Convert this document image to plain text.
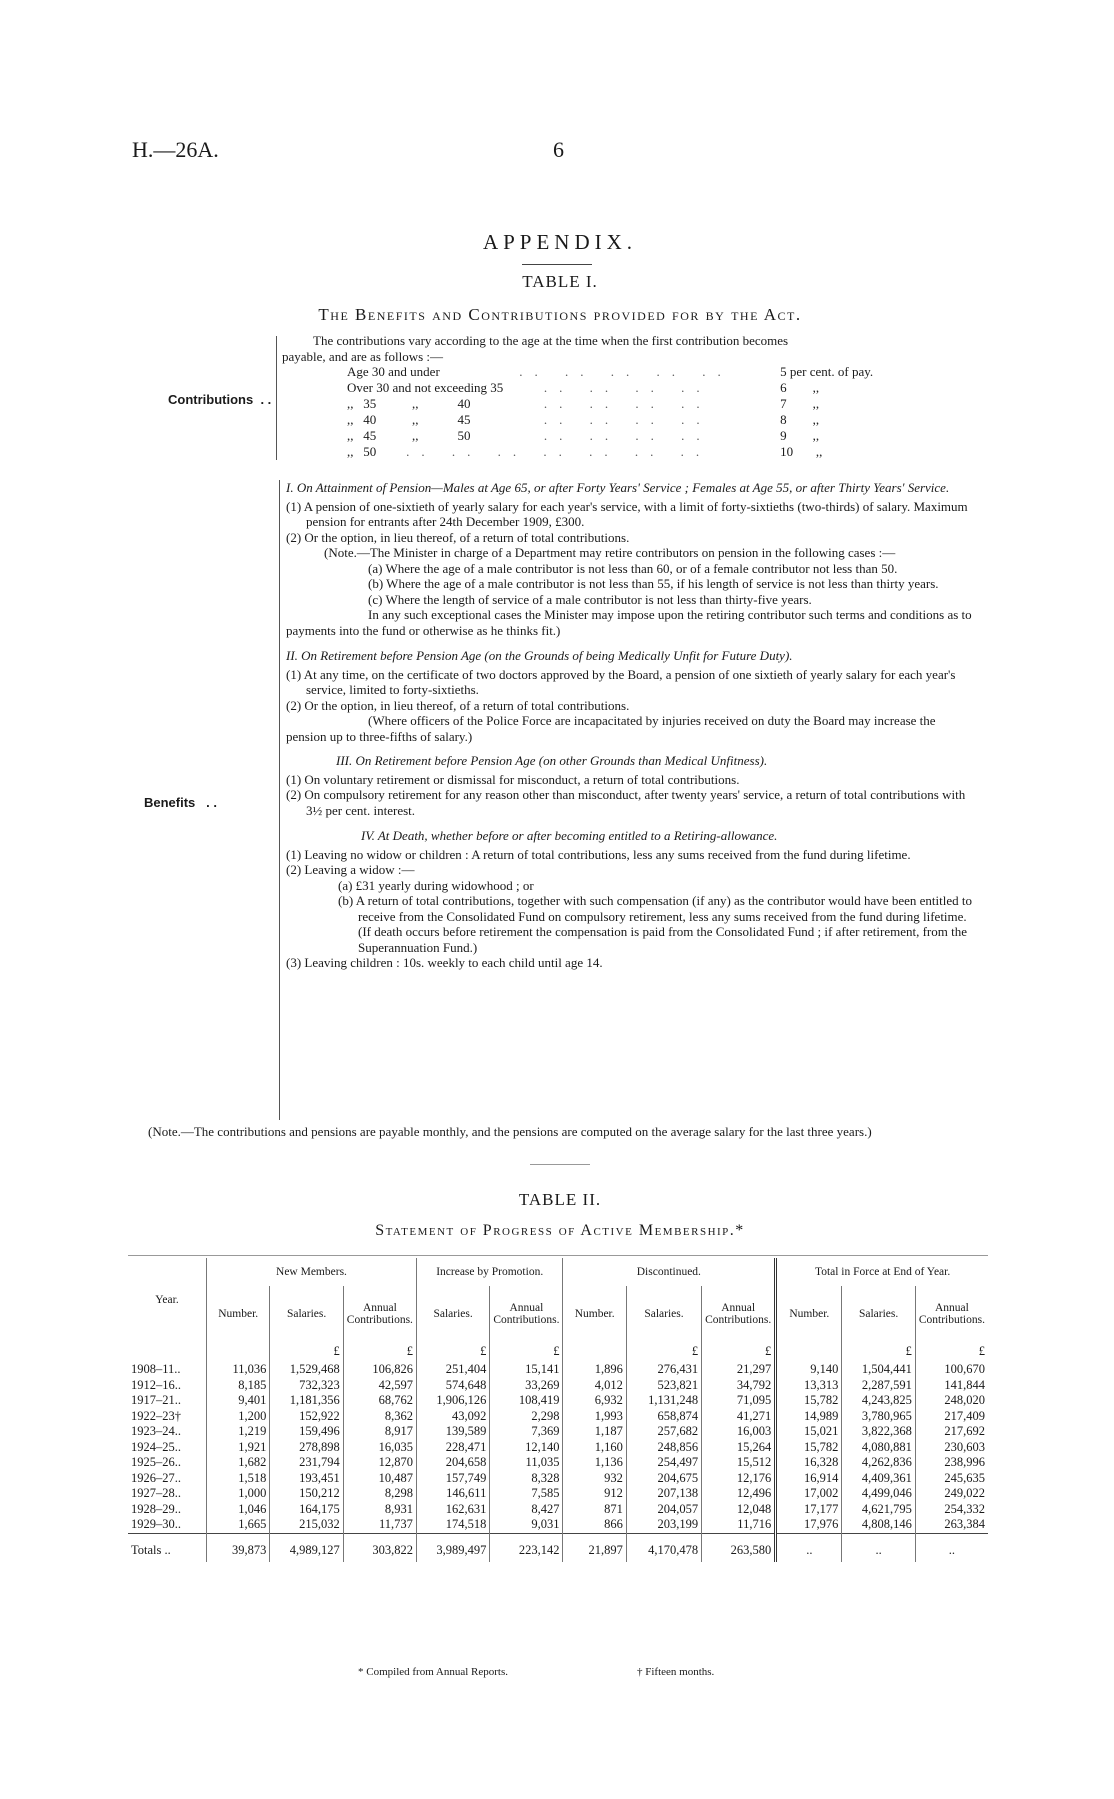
H.—26A.	6
APPENDIX.
TABLE I.
The Benefits and Contributions provided for by the Act.
Contributions  . .
The contributions vary according to the age at the time when the first contribution becomes
payable, and are as follows :—
Age 30 and under	.. .. .. .. ..	5 per cent. of pay.
Over 30 and not exceeding 35	.. .. .. ..	6        ,,
,,   35           ,,            40	.. .. .. ..	7        ,,
,,   40           ,,            45	.. .. .. ..	8        ,,
,,   45           ,,            50	.. .. .. ..	9        ,,
,,   50	.. .. .. .. .. .. ..	10       ,,
Benefits   . .
I. On Attainment of Pension—Males at Age 65, or after Forty Years' Service ; Females at Age 55, or after Thirty Years' Service.
(1) A pension of one-sixtieth of yearly salary for each year's service, with a limit of forty-sixtieths (two-thirds) of salary. Maximum pension for entrants after 24th December 1909, £300.
(2) Or the option, in lieu thereof, of a return of total contributions.
(Note.—The Minister in charge of a Department may retire contributors on pension in the following cases :—
(a) Where the age of a male contributor is not less than 60, or of a female contributor not less than 50.
(b) Where the age of a male contributor is not less than 55, if his length of service is not less than thirty years.
(c) Where the length of service of a male contributor is not less than thirty-five years.
In any such exceptional cases the Minister may impose upon the retiring contributor such terms and conditions as to payments into the fund or otherwise as he thinks fit.)
II. On Retirement before Pension Age (on the Grounds of being Medically Unfit for Future Duty).
(1) At any time, on the certificate of two doctors approved by the Board, a pension of one sixtieth of yearly salary for each year's service, limited to forty-sixtieths.
(2) Or the option, in lieu thereof, of a return of total contributions.
(Where officers of the Police Force are incapacitated by injuries received on duty the Board may increase the pension up to three-fifths of salary.)
III. On Retirement before Pension Age (on other Grounds than Medical Unfitness).
(1) On voluntary retirement or dismissal for misconduct, a return of total contributions.
(2) On compulsory retirement for any reason other than misconduct, after twenty years' service, a return of total contributions with 3½ per cent. interest.
IV. At Death, whether before or after becoming entitled to a Retiring-allowance.
(1) Leaving no widow or children : A return of total contributions, less any sums received from the fund during lifetime.
(2) Leaving a widow :—
(a) £31 yearly during widowhood ; or
(b) A return of total contributions, together with such compensation (if any) as the contributor would have been entitled to receive from the Consolidated Fund on compulsory retirement, less any sums received from the fund during lifetime. (If death occurs before retirement the compensation is paid from the Consolidated Fund ; if after retirement, from the Superannuation Fund.)
(3) Leaving children : 10s. weekly to each child until age 14.
(Note.—The contributions and pensions are payable monthly, and the pensions are computed on the average salary for the last three years.)
TABLE II.
Statement of Progress of Active Membership.*
Year.	New Members.			Increase by Promotion.		Discontinued.			Total in Force at End of Year.		
	Number.	Salaries.	Annual Contributions.	Salaries.	Annual Contributions.	Number.	Salaries.	Annual Contributions.	Number.	Salaries.	Annual Contributions.
		£	£	£	£		£	£		£	£
1908–11..	11,036	1,529,468	106,826	251,404	15,141	1,896	276,431	21,297	9,140	1,504,441	100,670
1912–16..	8,185	732,323	42,597	574,648	33,269	4,012	523,821	34,792	13,313	2,287,591	141,844
1917–21..	9,401	1,181,356	68,762	1,906,126	108,419	6,932	1,131,248	71,095	15,782	4,243,825	248,020
1922–23†	1,200	152,922	8,362	43,092	2,298	1,993	658,874	41,271	14,989	3,780,965	217,409
1923–24..	1,219	159,496	8,917	139,589	7,369	1,187	257,682	16,003	15,021	3,822,368	217,692
1924–25..	1,921	278,898	16,035	228,471	12,140	1,160	248,856	15,264	15,782	4,080,881	230,603
1925–26..	1,682	231,794	12,870	204,658	11,035	1,136	254,497	15,512	16,328	4,262,836	238,996
1926–27..	1,518	193,451	10,487	157,749	8,328	932	204,675	12,176	16,914	4,409,361	245,635
1927–28..	1,000	150,212	8,298	146,611	7,585	912	207,138	12,496	17,002	4,499,046	249,022
1928–29..	1,046	164,175	8,931	162,631	8,427	871	204,057	12,048	17,177	4,621,795	254,332
1929–30..	1,665	215,032	11,737	174,518	9,031	866	203,199	11,716	17,976	4,808,146	263,384
Totals ..	39,873	4,989,127	303,822	3,989,497	223,142	21,897	4,170,478	263,580	..	..	..
* Compiled from Annual Reports.	† Fifteen months.
